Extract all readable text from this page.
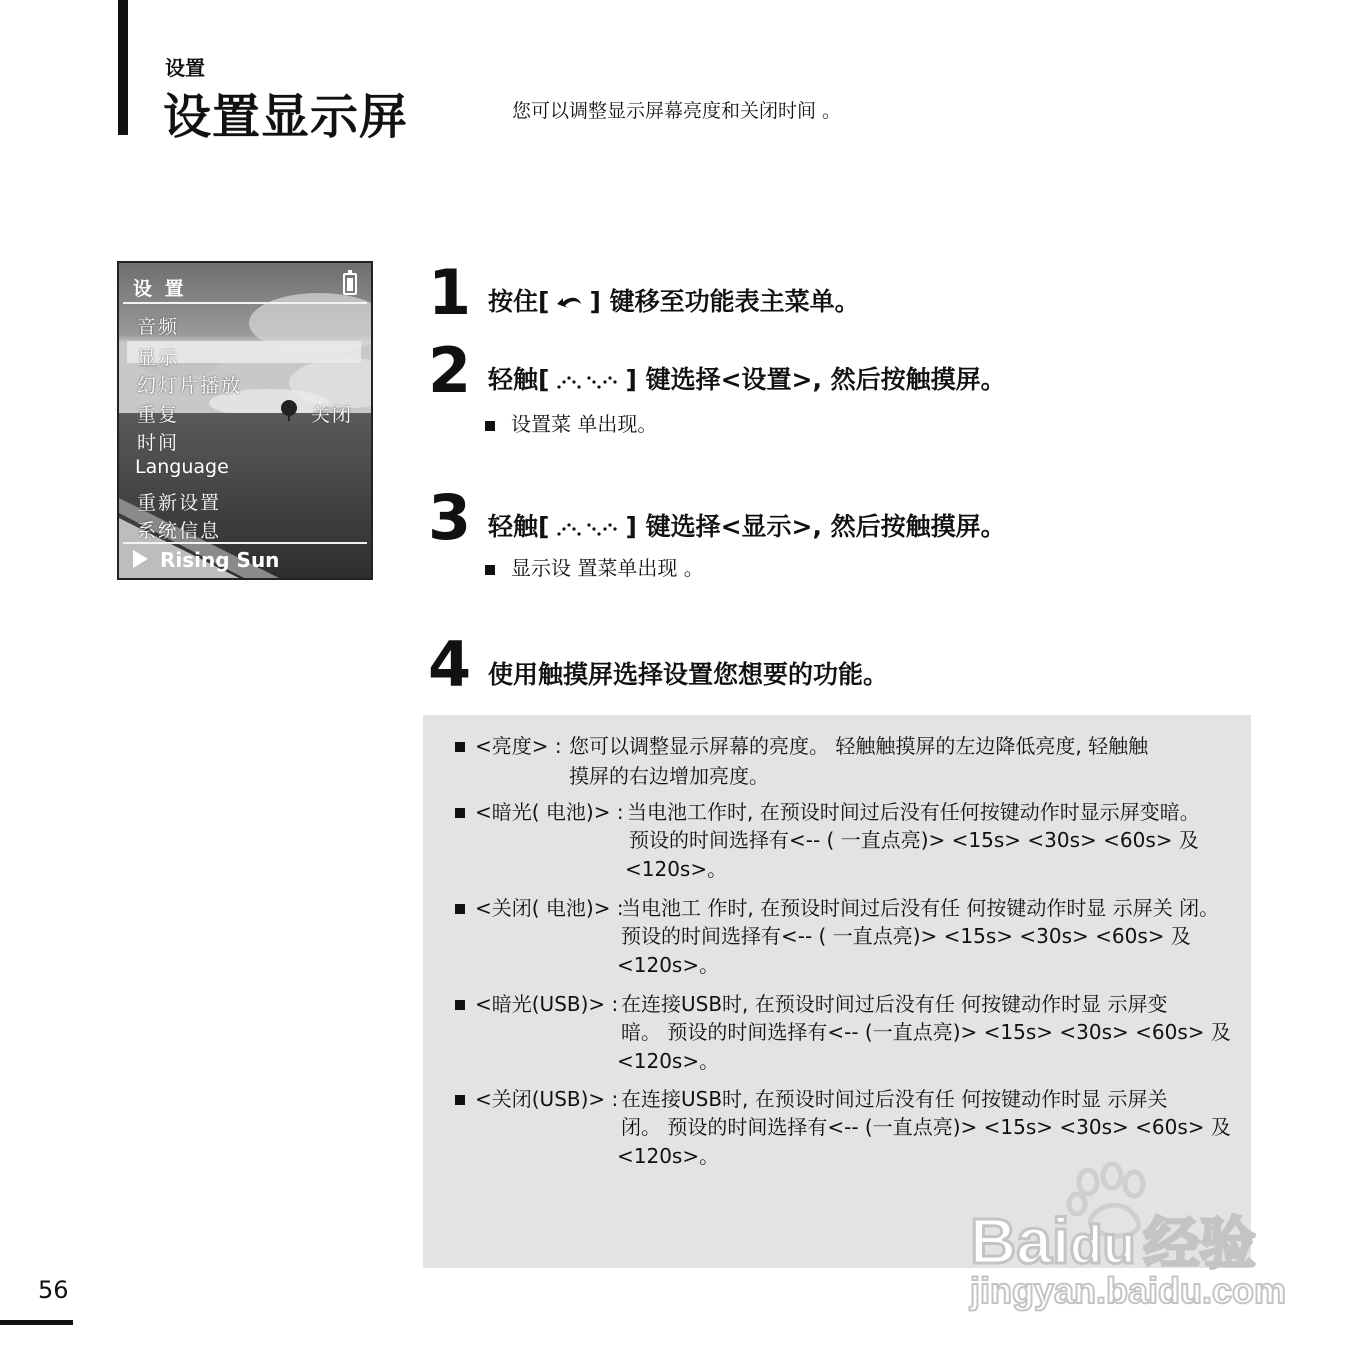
设置
设置显示屏	您可以调整显示屏幕亮度和关闭时间 。
设 置
音频
显示
幻灯片播放
重复	关闭
时间
Language
重新设置
系统信息
Rising Sun
1 按住[ ] 键移至功能表主菜单。
2 轻触[	] 键选择<设置>, 然后按触摸屏。
设置菜 单出现。
3 轻触[	] 键选择<显示>, 然后按触摸屏。
显示设 置菜单出现 。
4 使用触摸屏选择设置您想要的功能。
<亮度> : 您可以调整显示屏幕的亮度。 轻触触摸屏的左边降低亮度, 轻触触
摸屏的右边增加亮度。
<暗光( 电池)> : 当电池工作时, 在预设时间过后没有任何按键动作时显示屏变暗。
预设的时间选择有<-- ( 一直点亮)> <15s> <30s> <60s> 及
<120s>。
<关闭( 电池)> :
当电池工 作时, 在预设时间过后没有任 何按键动作时显 示屏关 闭。
预设的时间选择有<-- ( 一直点亮)> <15s> <30s> <60s> 及
<120s>。
<暗光(USB)> : 在连接USB时, 在预设时间过后没有任 何按键动作时显 示屏变
暗。 预设的时间选择有<-- (一直点亮)> <15s> <30s> <60s> 及
<120s>。
<关闭(USB)> : 在连接USB时, 在预设时间过后没有任 何按键动作时显 示屏关
闭。 预设的时间选择有<-- (一直点亮)> <15s> <30s> <60s> 及
<120s>。
56
Baidu 经验
jingyan.baidu.com
